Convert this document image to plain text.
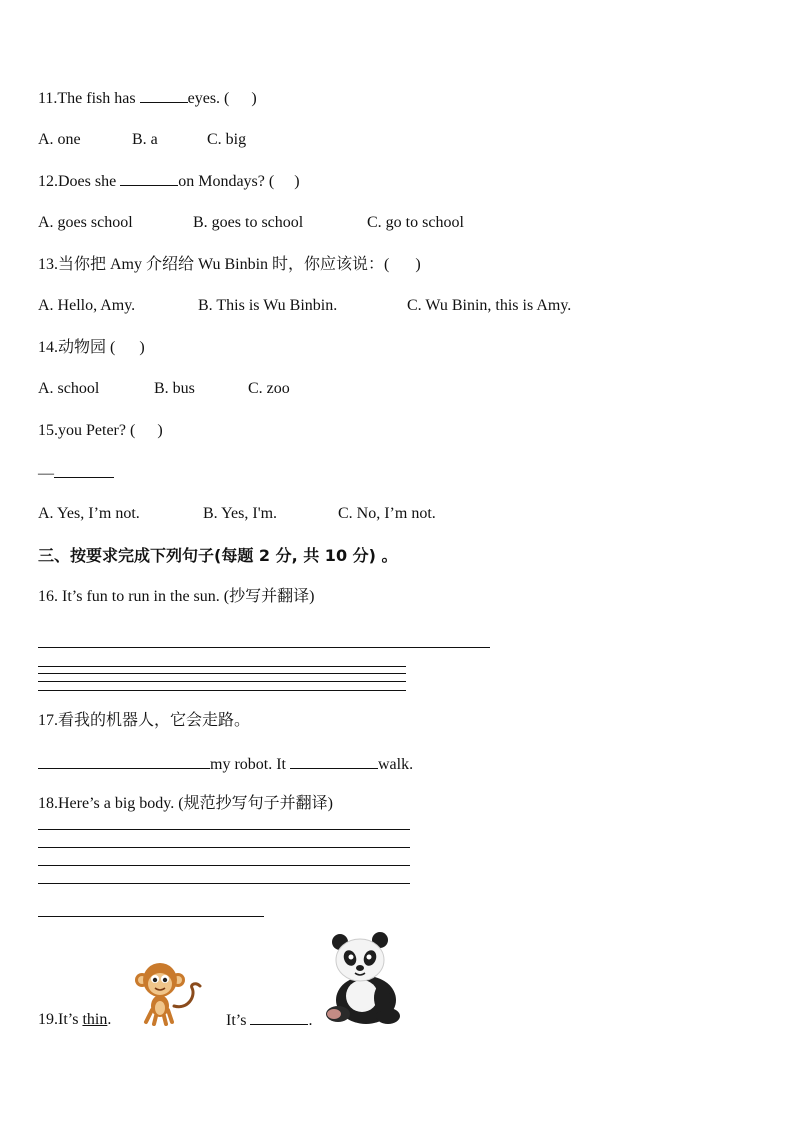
11.The fish has	eyes. ( )
A. one	B. a	C. big
12.Does she	on Mondays? ( )
A. goes school	B. goes to school	C. go to school
13.当你把 Amy 介绍给 Wu Binbin 时，你应该说：( )
A. Hello, Amy.	B. This is Wu Binbin.	C. Wu Binin, this is Amy.
14.动物园 ( )
A. school	B. bus	C. zoo
15.you Peter? ( )
—
A. Yes, I’m not.	B. Yes, I'm.	C. No, I’m not.
三、按要求完成下列句子(每题 2 分, 共 10 分) 。
16. It’s fun to run in the sun. (抄写并翻译)
17.看我的机器人，它会走路。
my robot. It	walk.
18.Here’s a big body. (规范抄写句子并翻译)
19.It’s thin.	It’s	.
